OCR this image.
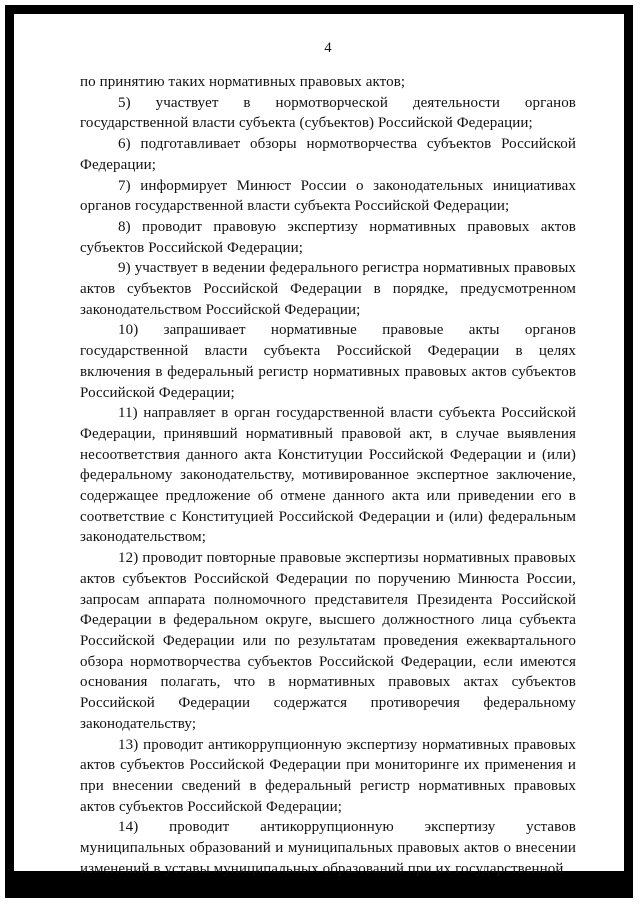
4

по принятию таких нормативных правовых актов;

5) участвует в нормотворческой деятельности органов государственной власти субъекта (субъектов) Российской Федерации;

6) подготавливает обзоры нормотворчества субъектов Российской Федерации;

7) информирует Минюст России о законодательных инициативах органов государственной власти субъекта Российской Федерации;

8) проводит правовую экспертизу нормативных правовых актов субъектов Российской Федерации;

9) участвует в ведении федерального регистра нормативных правовых актов субъектов Российской Федерации в порядке, предусмотренном законодательством Российской Федерации;

10) запрашивает нормативные правовые акты органов государственной власти субъекта Российской Федерации в целях включения в федеральный регистр нормативных правовых актов субъектов Российской Федерации;

11) направляет в орган государственной власти субъекта Российской Федерации, принявший нормативный правовой акт, в случае выявления несоответствия данного акта Конституции Российской Федерации и (или) федеральному законодательству, мотивированное экспертное заключение, содержащее предложение об отмене данного акта или приведении его в соответствие с Конституцией Российской Федерации и (или) федеральным законодательством;

12) проводит повторные правовые экспертизы нормативных правовых актов субъектов Российской Федерации по поручению Минюста России, запросам аппарата полномочного представителя Президента Российской Федерации в федеральном округе, высшего должностного лица субъекта Российской Федерации или по результатам проведения ежеквартального обзора нормотворчества субъектов Российской Федерации, если имеются основания полагать, что в нормативных правовых актах субъектов Российской Федерации содержатся противоречия федеральному законодательству;

13) проводит антикоррупционную экспертизу нормативных правовых актов субъектов Российской Федерации при мониторинге их применения и при внесении сведений в федеральный регистр нормативных правовых актов субъектов Российской Федерации;

14) проводит антикоррупционную экспертизу уставов муниципальных образований и муниципальных правовых актов о внесении изменений в уставы муниципальных образований при их государственной
